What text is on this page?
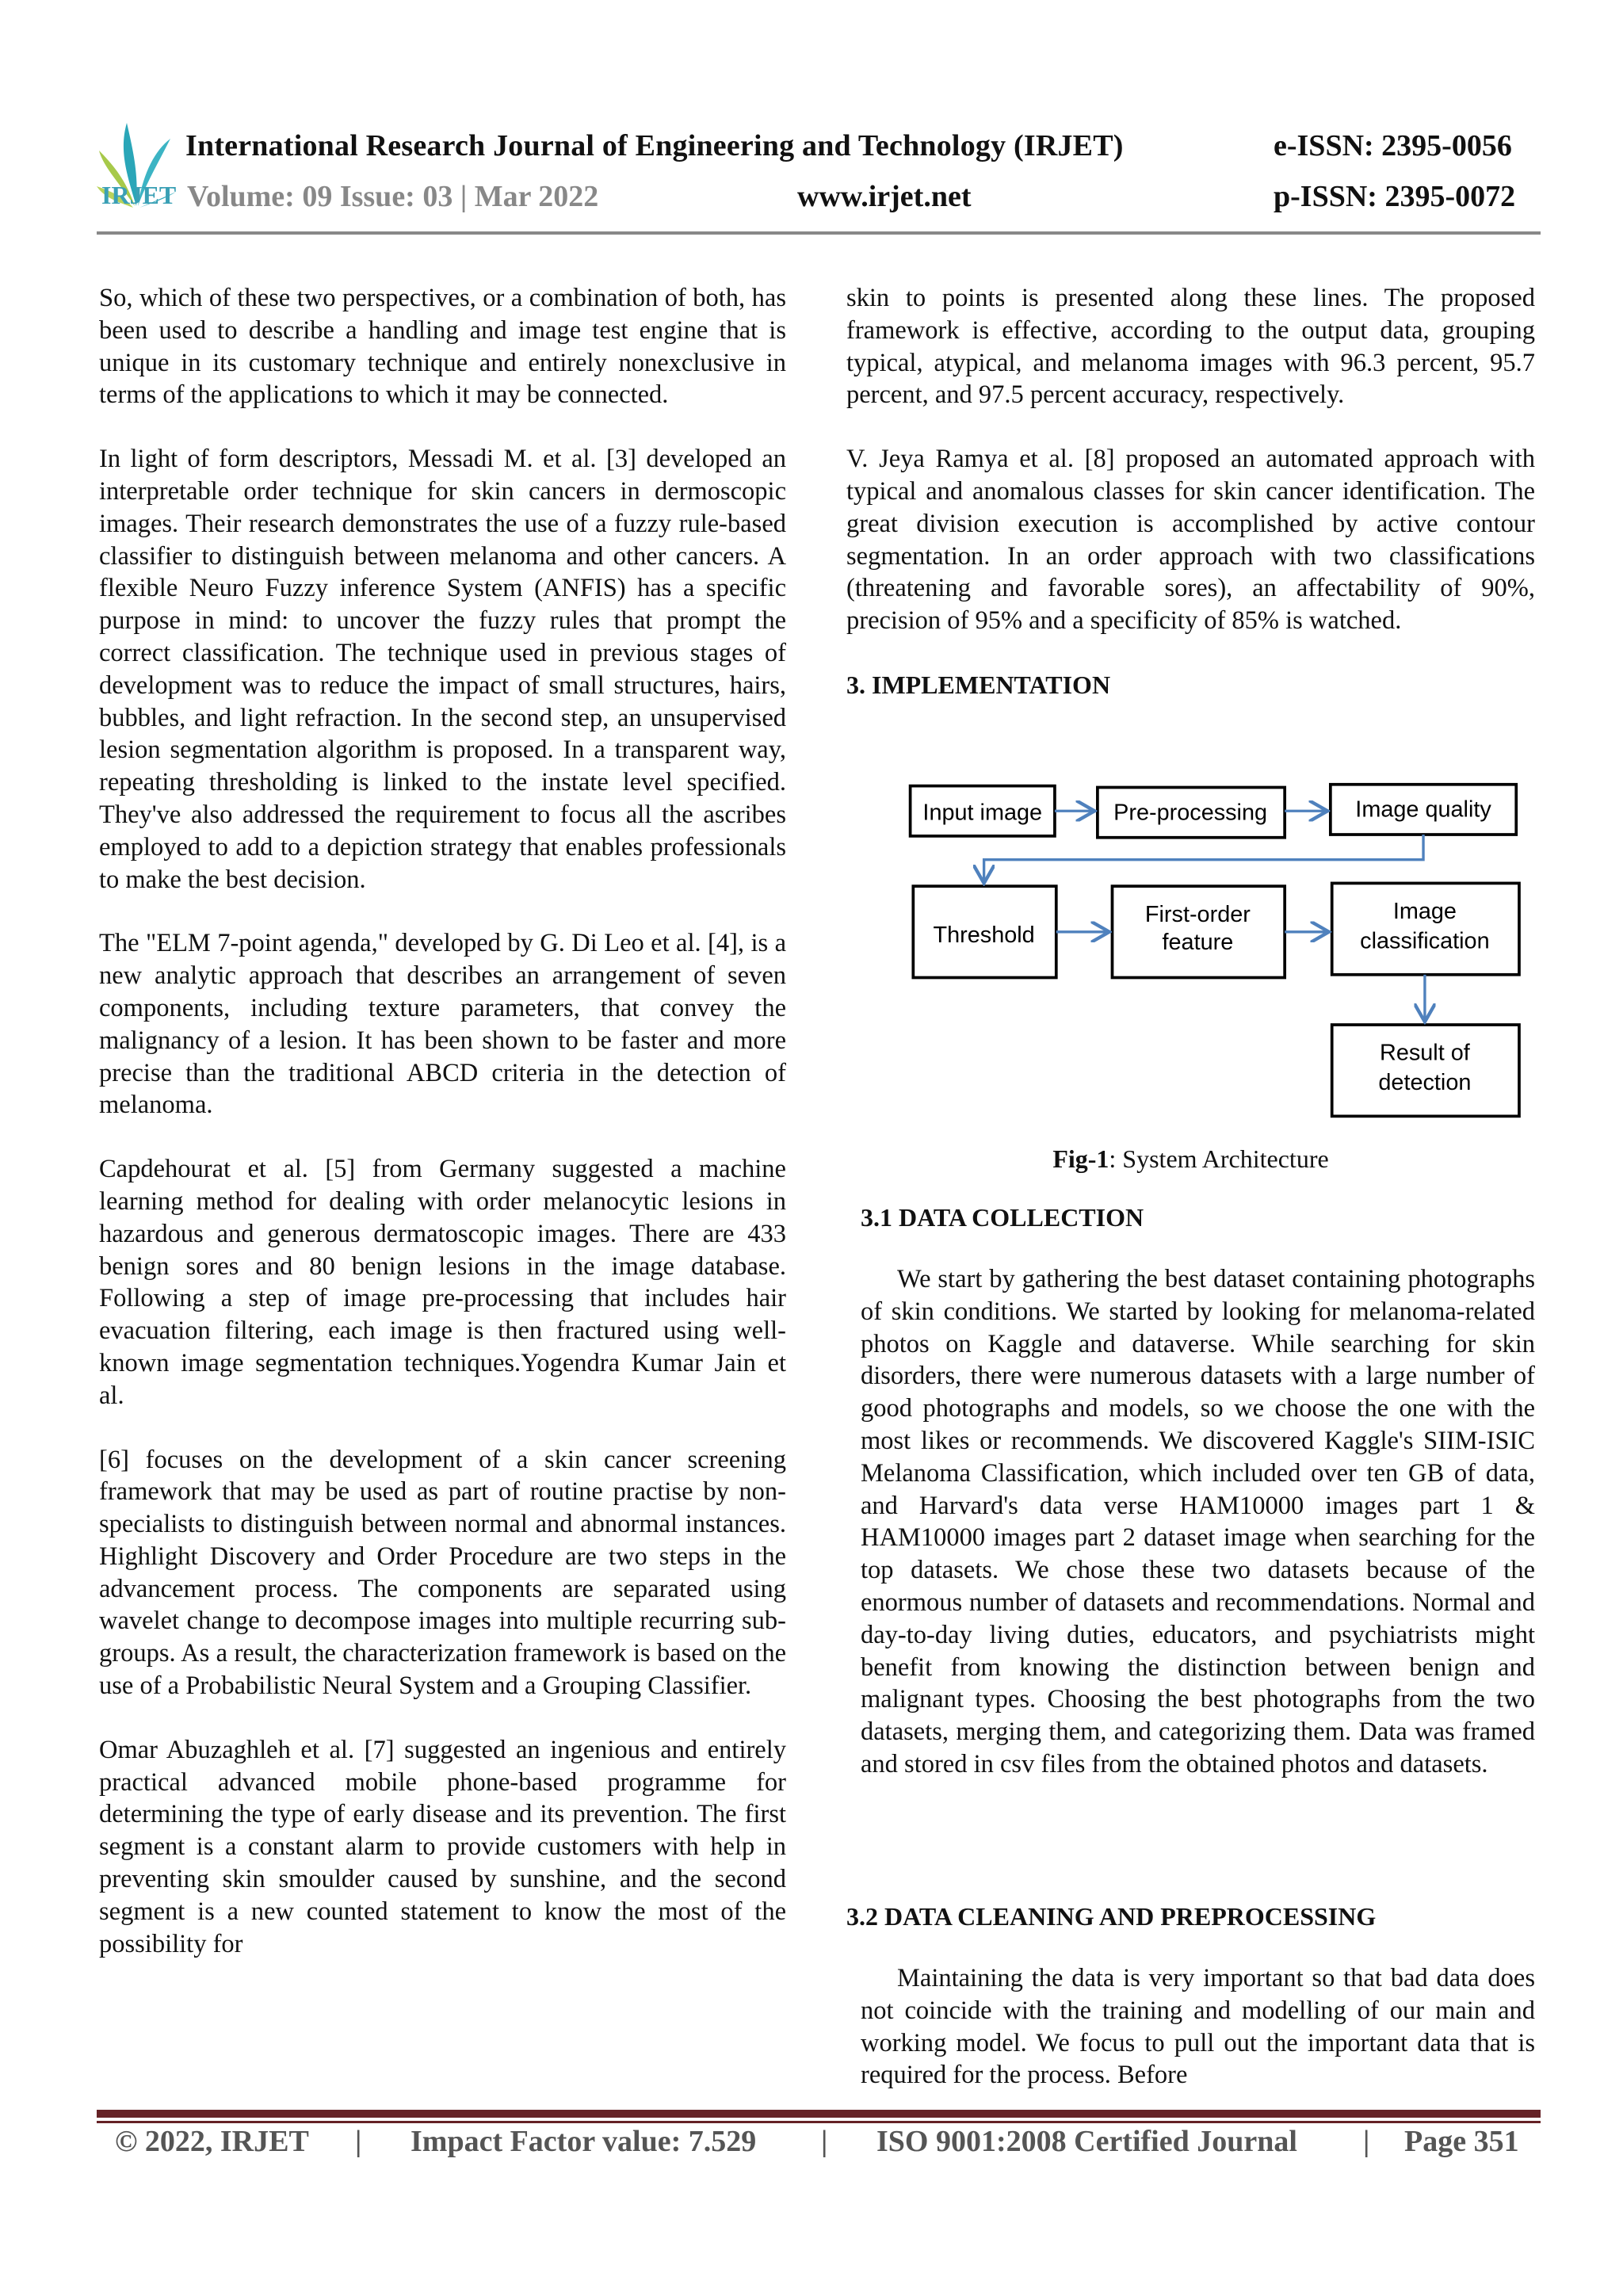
IRJET
International Research Journal of Engineering and Technology (IRJET)	e-ISSN: 2395-0056
Volume: 09 Issue: 03 | Mar 2022	www.irjet.net	p-ISSN: 2395-0072

So, which of these two perspectives, or a combination of both, has been used to describe a handling and image test engine that is unique in its customary technique and entirely nonexclusive in terms of the applications to which it may be connected.

In light of form descriptors, Messadi M. et al. [3] developed an interpretable order technique for skin cancers in dermoscopic images. Their research demonstrates the use of a fuzzy rule-based classifier to distinguish between melanoma and other cancers. A flexible Neuro Fuzzy inference System (ANFIS) has a specific purpose in mind: to uncover the fuzzy rules that prompt the correct classification. The technique used in previous stages of development was to reduce the impact of small structures, hairs, bubbles, and light refraction. In the second step, an unsupervised lesion segmentation algorithm is proposed. In a transparent way, repeating thresholding is linked to the instate level specified. They've also addressed the requirement to focus all the ascribes employed to add to a depiction strategy that enables professionals to make the best decision.

The "ELM 7-point agenda," developed by G. Di Leo et al. [4], is a new analytic approach that describes an arrangement of seven components, including texture parameters, that convey the malignancy of a lesion. It has been shown to be faster and more precise than the traditional ABCD criteria in the detection of melanoma.

Capdehourat et al. [5] from Germany suggested a machine learning method for dealing with order melanocytic lesions in hazardous and generous dermatoscopic images. There are 433 benign sores and 80 benign lesions in the image database. Following a step of image pre-processing that includes hair evacuation filtering, each image is then fractured using well-known image segmentation techniques.Yogendra Kumar Jain et al.

[6] focuses on the development of a skin cancer screening framework that may be used as part of routine practise by non-specialists to distinguish between normal and abnormal instances. Highlight Discovery and Order Procedure are two steps in the advancement process. The components are separated using wavelet change to decompose images into multiple recurring sub-groups. As a result, the characterization framework is based on the use of a Probabilistic Neural System and a Grouping Classifier.

Omar Abuzaghleh et al. [7] suggested an ingenious and entirely practical advanced mobile phone-based programme for determining the type of early disease and its prevention. The first segment is a constant alarm to provide customers with help in preventing skin smoulder caused by sunshine, and the second segment is a new counted statement to know the most of the possibility for

skin to points is presented along these lines. The proposed framework is effective, according to the output data, grouping typical, atypical, and melanoma images with 96.3 percent, 95.7 percent, and 97.5 percent accuracy, respectively.

V. Jeya Ramya et al. [8] proposed an automated approach with typical and anomalous classes for skin cancer identification. The great division execution is accomplished by active contour segmentation. In an order approach with two classifications (threatening and favorable sores), an affectability of 90%, precision of 95% and a specificity of 85% is watched.

3. IMPLEMENTATION
Input image	Pre-processing	Image quality
Threshold
First-order
feature
Image
classification
Result of
detection
Fig-1: System Architecture
3.1 DATA COLLECTION
We start by gathering the best dataset containing photographs of skin conditions. We started by looking for melanoma-related photos on Kaggle and dataverse. While searching for skin disorders, there were numerous datasets with a large number of good photographs and models, so we choose the one with the most likes or recommends. We discovered Kaggle's SIIM-ISIC Melanoma Classification, which included over ten GB of data, and Harvard's data verse HAM10000 images part 1 & HAM10000 images part 2 dataset image when searching for the top datasets. We chose these two datasets because of the enormous number of datasets and recommendations. Normal and day-to-day living duties, educators, and psychiatrists might benefit from knowing the distinction between benign and malignant types. Choosing the best photographs from the two datasets, merging them, and categorizing them. Data was framed and stored in csv files from the obtained photos and datasets.
3.2 DATA CLEANING AND PREPROCESSING
Maintaining the data is very important so that bad data does not coincide with the training and modelling of our main and working model. We focus to pull out the important data that is required for the process. Before
© 2022, IRJET | Impact Factor value: 7.529 | ISO 9001:2008 Certified Journal | Page 351
